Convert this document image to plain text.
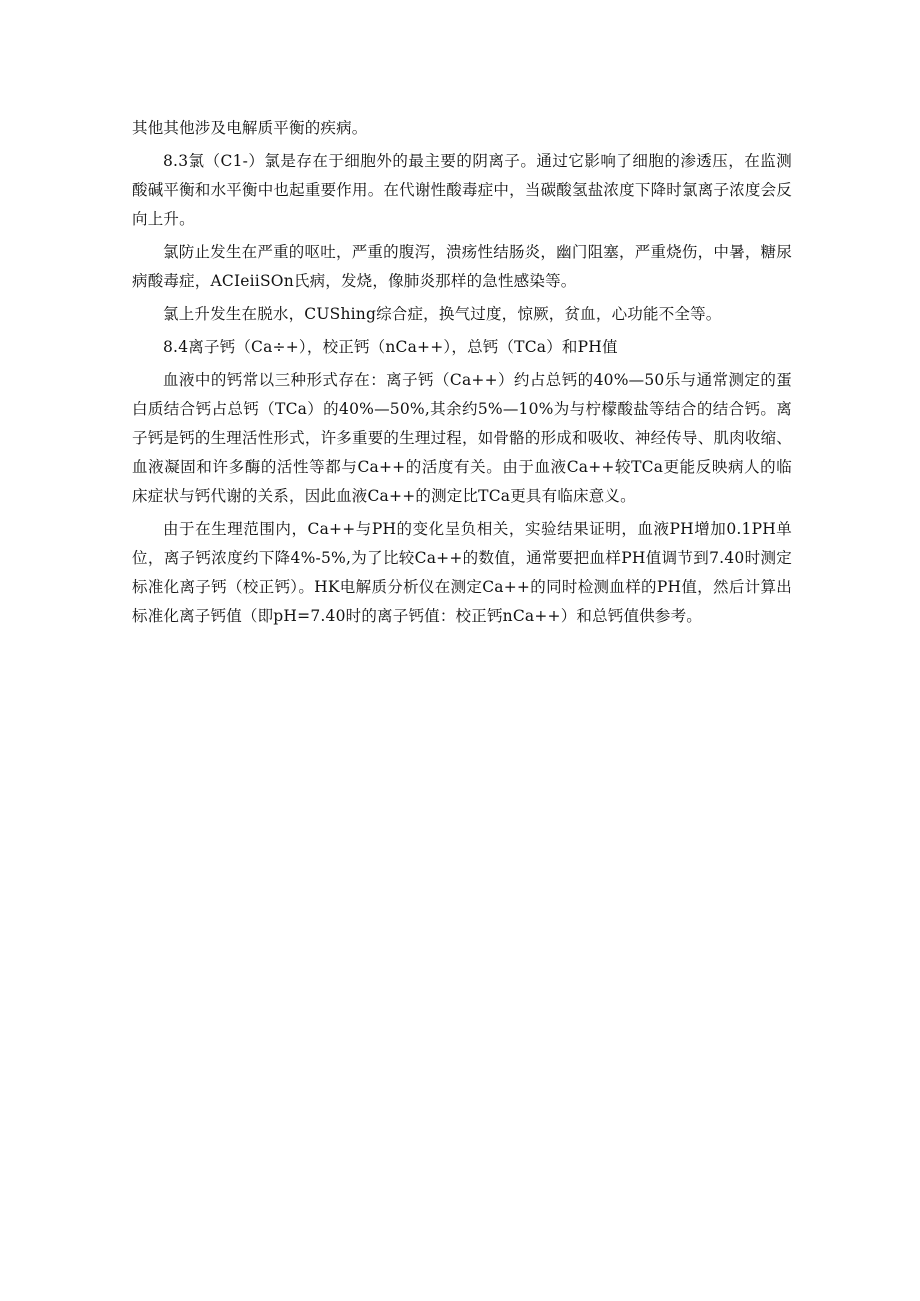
其他其他涉及电解质平衡的疾病。

8.3氯（C1-）氯是存在于细胞外的最主要的阴离子。通过它影响了细胞的渗透压，在监测酸碱平衡和水平衡中也起重要作用。在代谢性酸毒症中，当碳酸氢盐浓度下降时氯离子浓度会反向上升。

氯防止发生在严重的呕吐，严重的腹泻，溃疡性结肠炎，幽门阻塞，严重烧伤，中暑，糖尿病酸毒症，ACIeiiSOn氏病，发烧，像肺炎那样的急性感染等。

氯上升发生在脱水，CUShing综合症，换气过度，惊厥，贫血，心功能不全等。

8.4离子钙（Ca÷+），校正钙（nCa++），总钙（TCa）和PH值

血液中的钙常以三种形式存在：离子钙（Ca++）约占总钙的40%—50乐与通常测定的蛋白质结合钙占总钙（TCa）的40%—50%,其余约5%—10%为与柠檬酸盐等结合的结合钙。离子钙是钙的生理活性形式，许多重要的生理过程，如骨骼的形成和吸收、神经传导、肌肉收缩、血液凝固和许多酶的活性等都与Ca++的活度有关。由于血液Ca++较TCa更能反映病人的临床症状与钙代谢的关系，因此血液Ca++的测定比TCa更具有临床意义。

由于在生理范围内，Ca++与PH的变化呈负相关，实验结果证明，血液PH增加0.1PH单位，离子钙浓度约下降4%-5%,为了比较Ca++的数值，通常要把血样PH值调节到7.40时测定标准化离子钙（校正钙）。HK电解质分析仪在测定Ca++的同时检测血样的PH值，然后计算出标准化离子钙值（即pH=7.40时的离子钙值：校正钙nCa++）和总钙值供参考。
